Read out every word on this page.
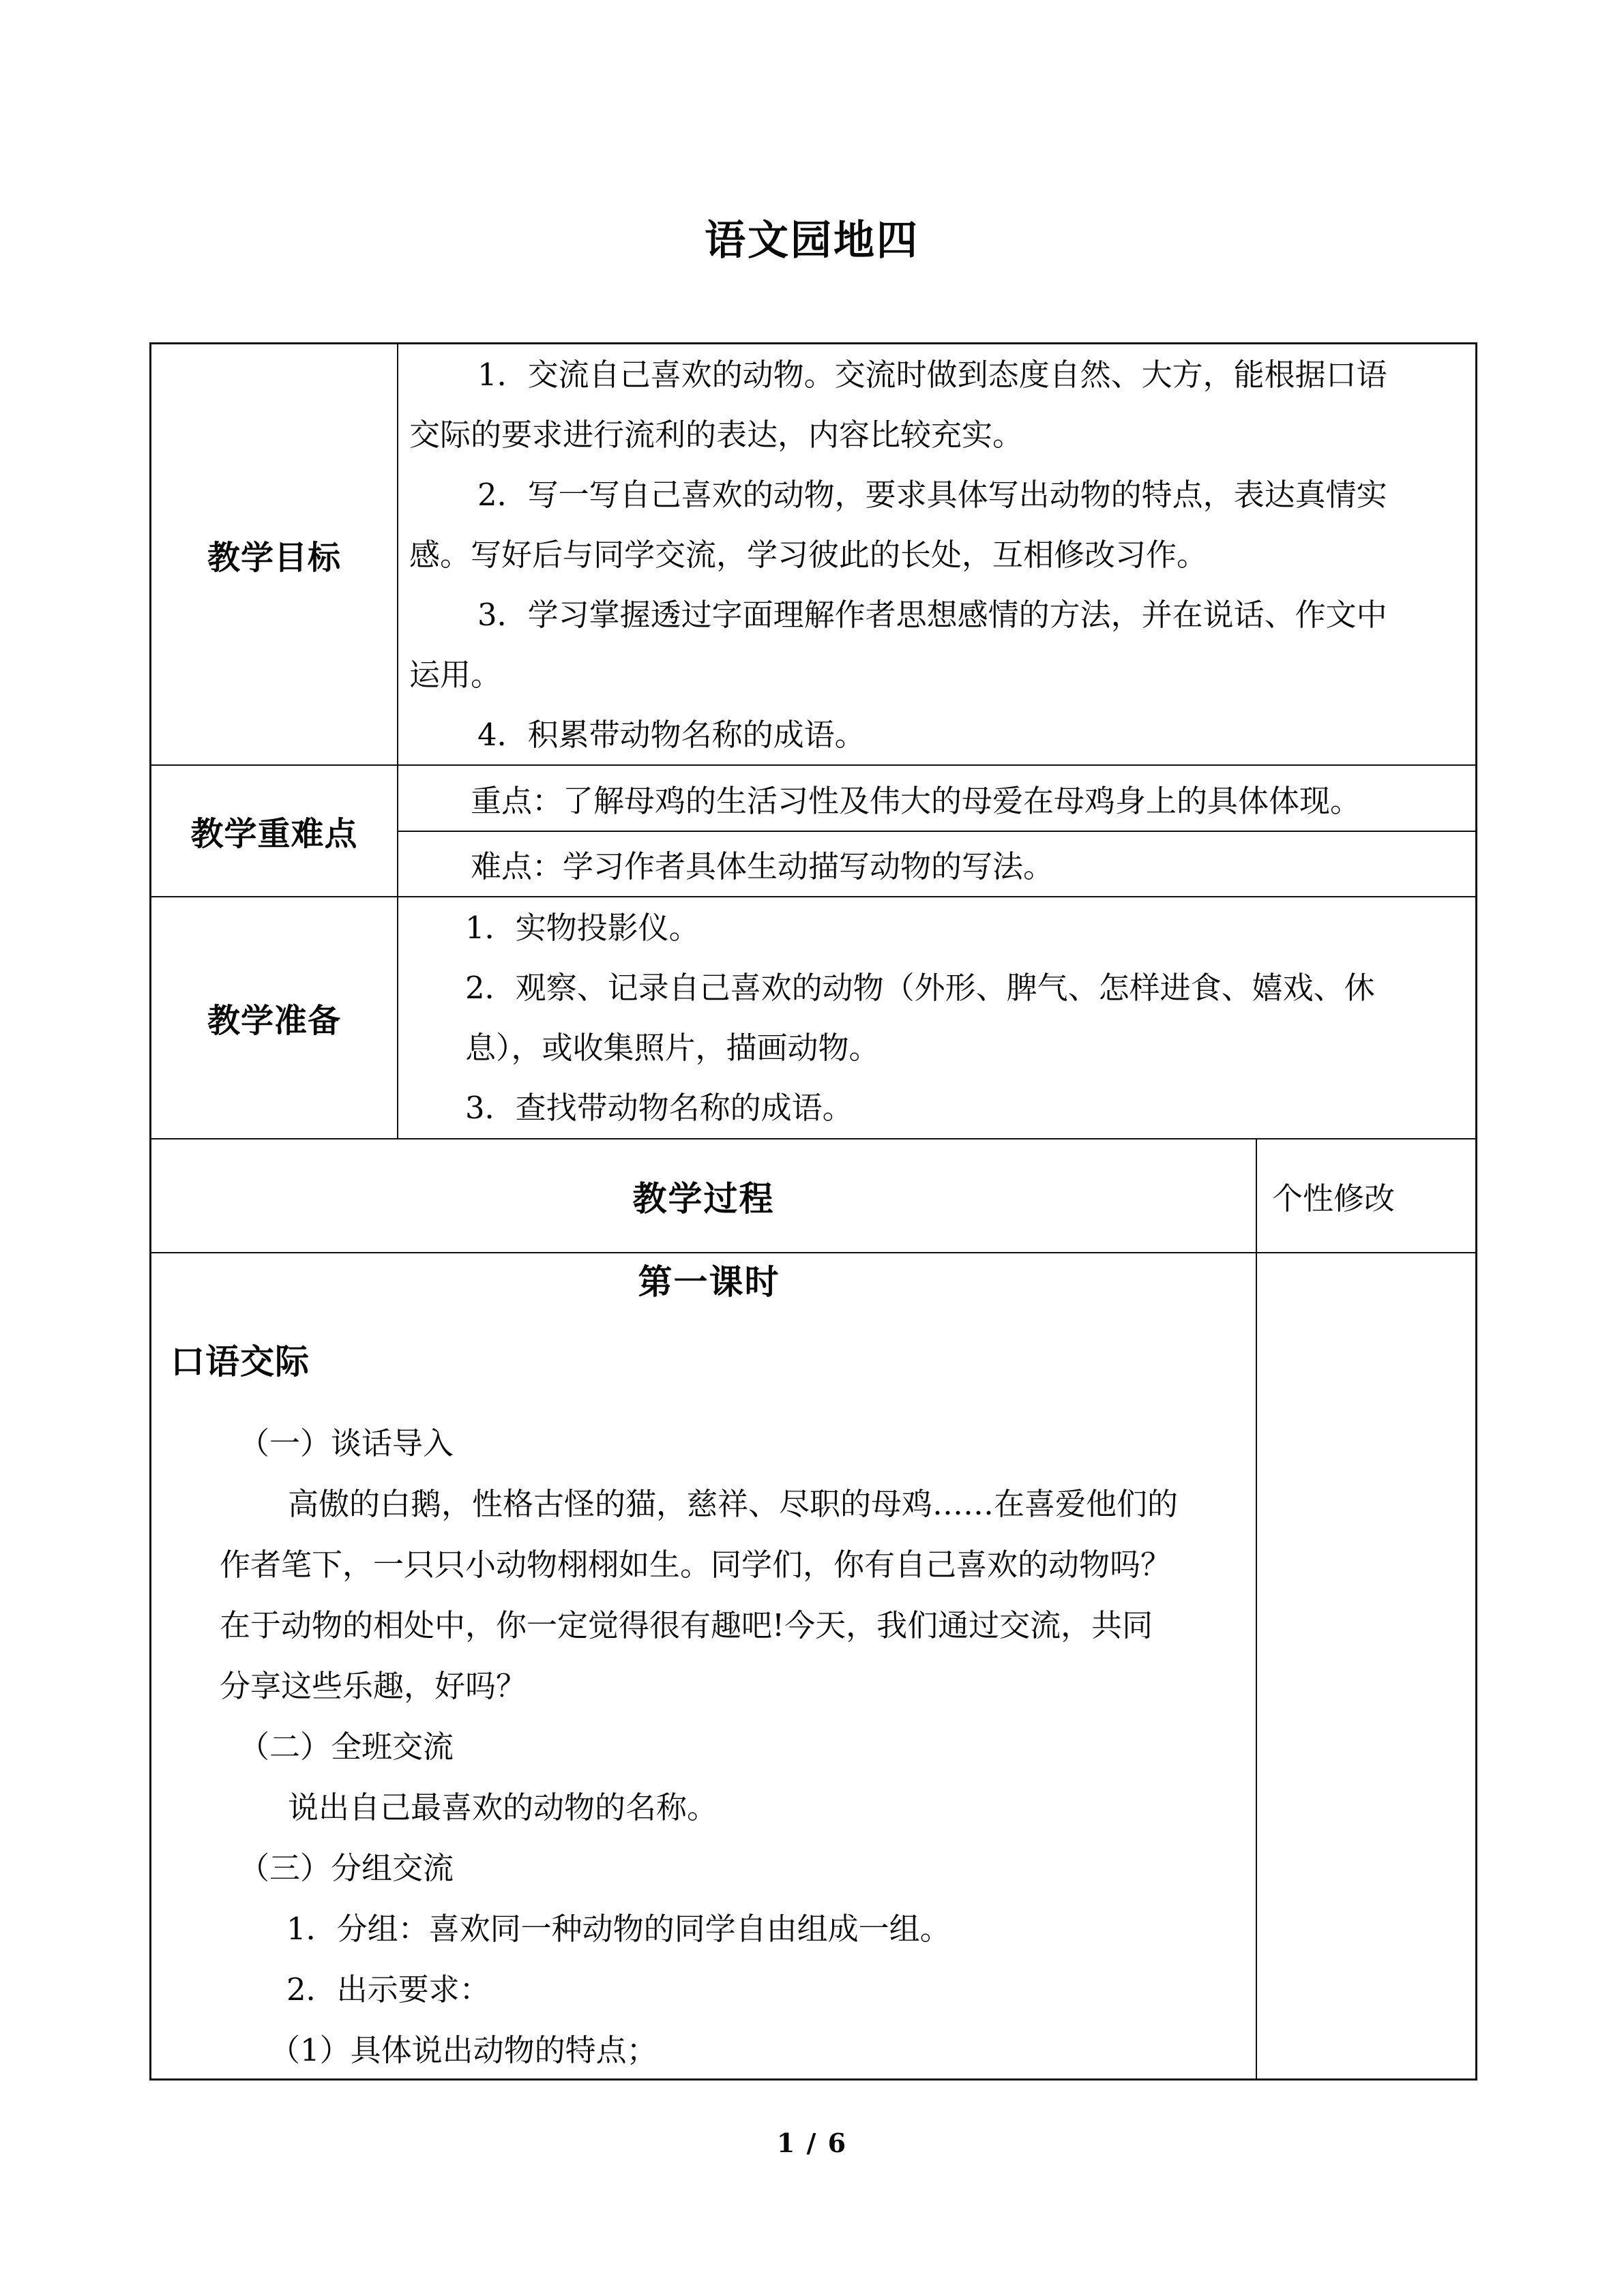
语文园地四
教学目标
1．交流自己喜欢的动物。交流时做到态度自然、大方，能根据口语
交际的要求进行流利的表达，内容比较充实。
2．写一写自己喜欢的动物，要求具体写出动物的特点，表达真情实
感。写好后与同学交流，学习彼此的长处，互相修改习作。
3．学习掌握透过字面理解作者思想感情的方法，并在说话、作文中
运用。
4．积累带动物名称的成语。
教学重难点
重点：了解母鸡的生活习性及伟大的母爱在母鸡身上的具体体现。
难点：学习作者具体生动描写动物的写法。
教学准备
1．实物投影仪。
2．观察、记录自己喜欢的动物（外形、脾气、怎样进食、嬉戏、休
息），或收集照片，描画动物。
3．查找带动物名称的成语。
教学过程	个性修改
第一课时
口语交际
（一）谈话导入
高傲的白鹅，性格古怪的猫，慈祥、尽职的母鸡……在喜爱他们的
作者笔下，一只只小动物栩栩如生。同学们，你有自己喜欢的动物吗？
在于动物的相处中，你一定觉得很有趣吧!今天，我们通过交流，共同
分享这些乐趣，好吗？
（二）全班交流
说出自己最喜欢的动物的名称。
（三）分组交流
1．分组：喜欢同一种动物的同学自由组成一组。
2．出示要求：
（1）具体说出动物的特点；
1 / 6
